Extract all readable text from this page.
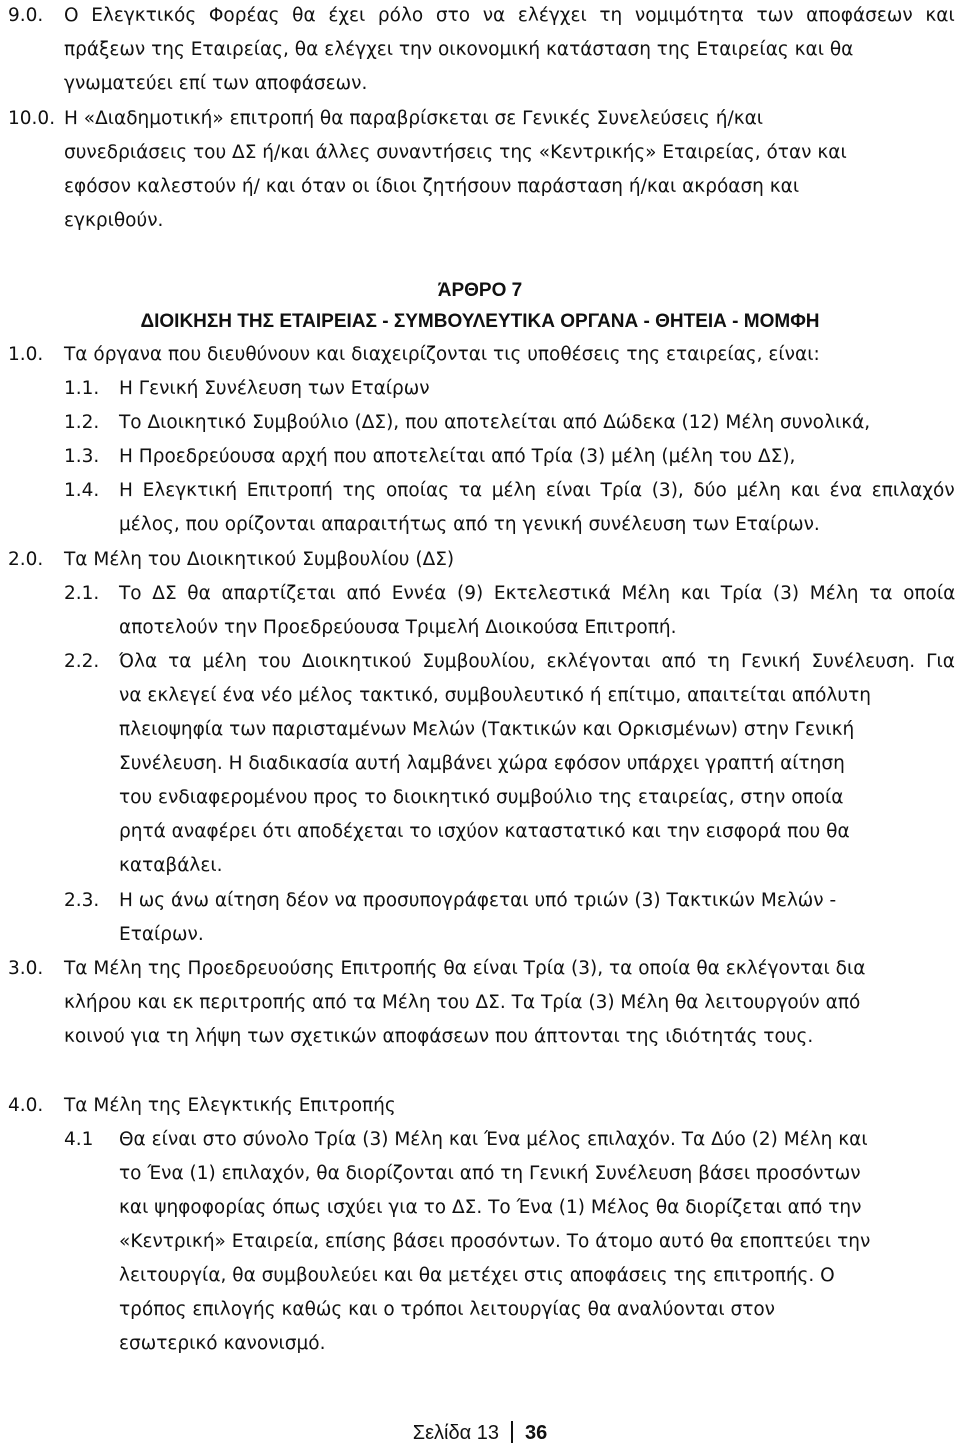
9.0. Ο Ελεγκτικός Φορέας θα έχει ρόλο στο να ελέγχει τη νομιμότητα των αποφάσεων και
πράξεων της Εταιρείας, θα ελέγχει την οικονομική κατάσταση της Εταιρείας και θα
γνωματεύει επί των αποφάσεων.
10.0. Η «Διαδημοτική» επιτροπή θα παραβρίσκεται σε Γενικές Συνελεύσεις ή/και
συνεδριάσεις του ΔΣ ή/και άλλες συναντήσεις της «Κεντρικής» Εταιρείας, όταν και
εφόσον καλεστούν ή/ και όταν οι ίδιοι ζητήσουν παράσταση ή/και ακρόαση και
εγκριθούν.
ΆΡΘΡΟ 7
ΔΙΟΙΚΗΣΗ ΤΗΣ ΕΤΑΙΡΕΙΑΣ - ΣΥΜΒΟΥΛΕΥΤΙΚΑ ΟΡΓΑΝΑ - ΘΗΤΕΙΑ - ΜΟΜΦΗ
1.0. Τα όργανα που διευθύνουν και διαχειρίζονται τις υποθέσεις της εταιρείας, είναι:
1.1. Η Γενική Συνέλευση των Εταίρων
1.2. Το Διοικητικό Συμβούλιο (ΔΣ), που αποτελείται από Δώδεκα (12) Μέλη συνολικά,
1.3. Η Προεδρεύουσα αρχή που αποτελείται από Τρία (3) μέλη (μέλη του ΔΣ),
1.4. Η Ελεγκτική Επιτροπή της οποίας τα μέλη είναι Τρία (3), δύο μέλη και ένα επιλαχόν
μέλος, που ορίζονται απαραιτήτως από τη γενική συνέλευση των Εταίρων.
2.0. Τα Μέλη του Διοικητικού Συμβουλίου (ΔΣ)
2.1. Το ΔΣ θα απαρτίζεται από Εννέα (9) Εκτελεστικά Μέλη και Τρία (3) Μέλη τα οποία
αποτελούν την Προεδρεύουσα Τριμελή Διοικούσα Επιτροπή.
2.2. Όλα τα μέλη του Διοικητικού Συμβουλίου, εκλέγονται από τη Γενική Συνέλευση. Για
να εκλεγεί ένα νέο μέλος τακτικό, συμβουλευτικό ή επίτιμο, απαιτείται απόλυτη
πλειοψηφία των παρισταμένων Μελών (Τακτικών και Ορκισμένων) στην Γενική
Συνέλευση. Η διαδικασία αυτή λαμβάνει χώρα εφόσον υπάρχει γραπτή αίτηση
του ενδιαφερομένου προς το διοικητικό συμβούλιο της εταιρείας, στην οποία
ρητά αναφέρει ότι αποδέχεται το ισχύον καταστατικό και την εισφορά που θα
καταβάλει.
2.3. Η ως άνω αίτηση δέον να προσυπογράφεται υπό τριών (3) Τακτικών Μελών -
Εταίρων.
3.0. Τα Μέλη της Προεδρευούσης Επιτροπής θα είναι Τρία (3), τα οποία θα εκλέγονται δια
κλήρου και εκ περιτροπής από τα Μέλη του ΔΣ. Τα Τρία (3) Μέλη θα λειτουργούν από
κοινού για τη λήψη των σχετικών αποφάσεων που άπτονται της ιδιότητάς τους.
4.0. Τα Μέλη της Ελεγκτικής Επιτροπής
4.1 Θα είναι στο σύνολο Τρία (3) Μέλη και Ένα μέλος επιλαχόν. Τα Δύο (2) Μέλη και
το Ένα (1) επιλαχόν, θα διορίζονται από τη Γενική Συνέλευση βάσει προσόντων
και ψηφοφορίας όπως ισχύει για το ΔΣ. Το Ένα (1) Μέλος θα διορίζεται από την
«Κεντρική» Εταιρεία, επίσης βάσει προσόντων. Το άτομο αυτό θα εποπτεύει την
λειτουργία, θα συμβουλεύει και θα μετέχει στις αποφάσεις της επιτροπής. Ο
τρόπος επιλογής καθώς και ο τρόποι λειτουργίας θα αναλύονται στον
εσωτερικό κανονισμό.
Σελίδα 13 36
